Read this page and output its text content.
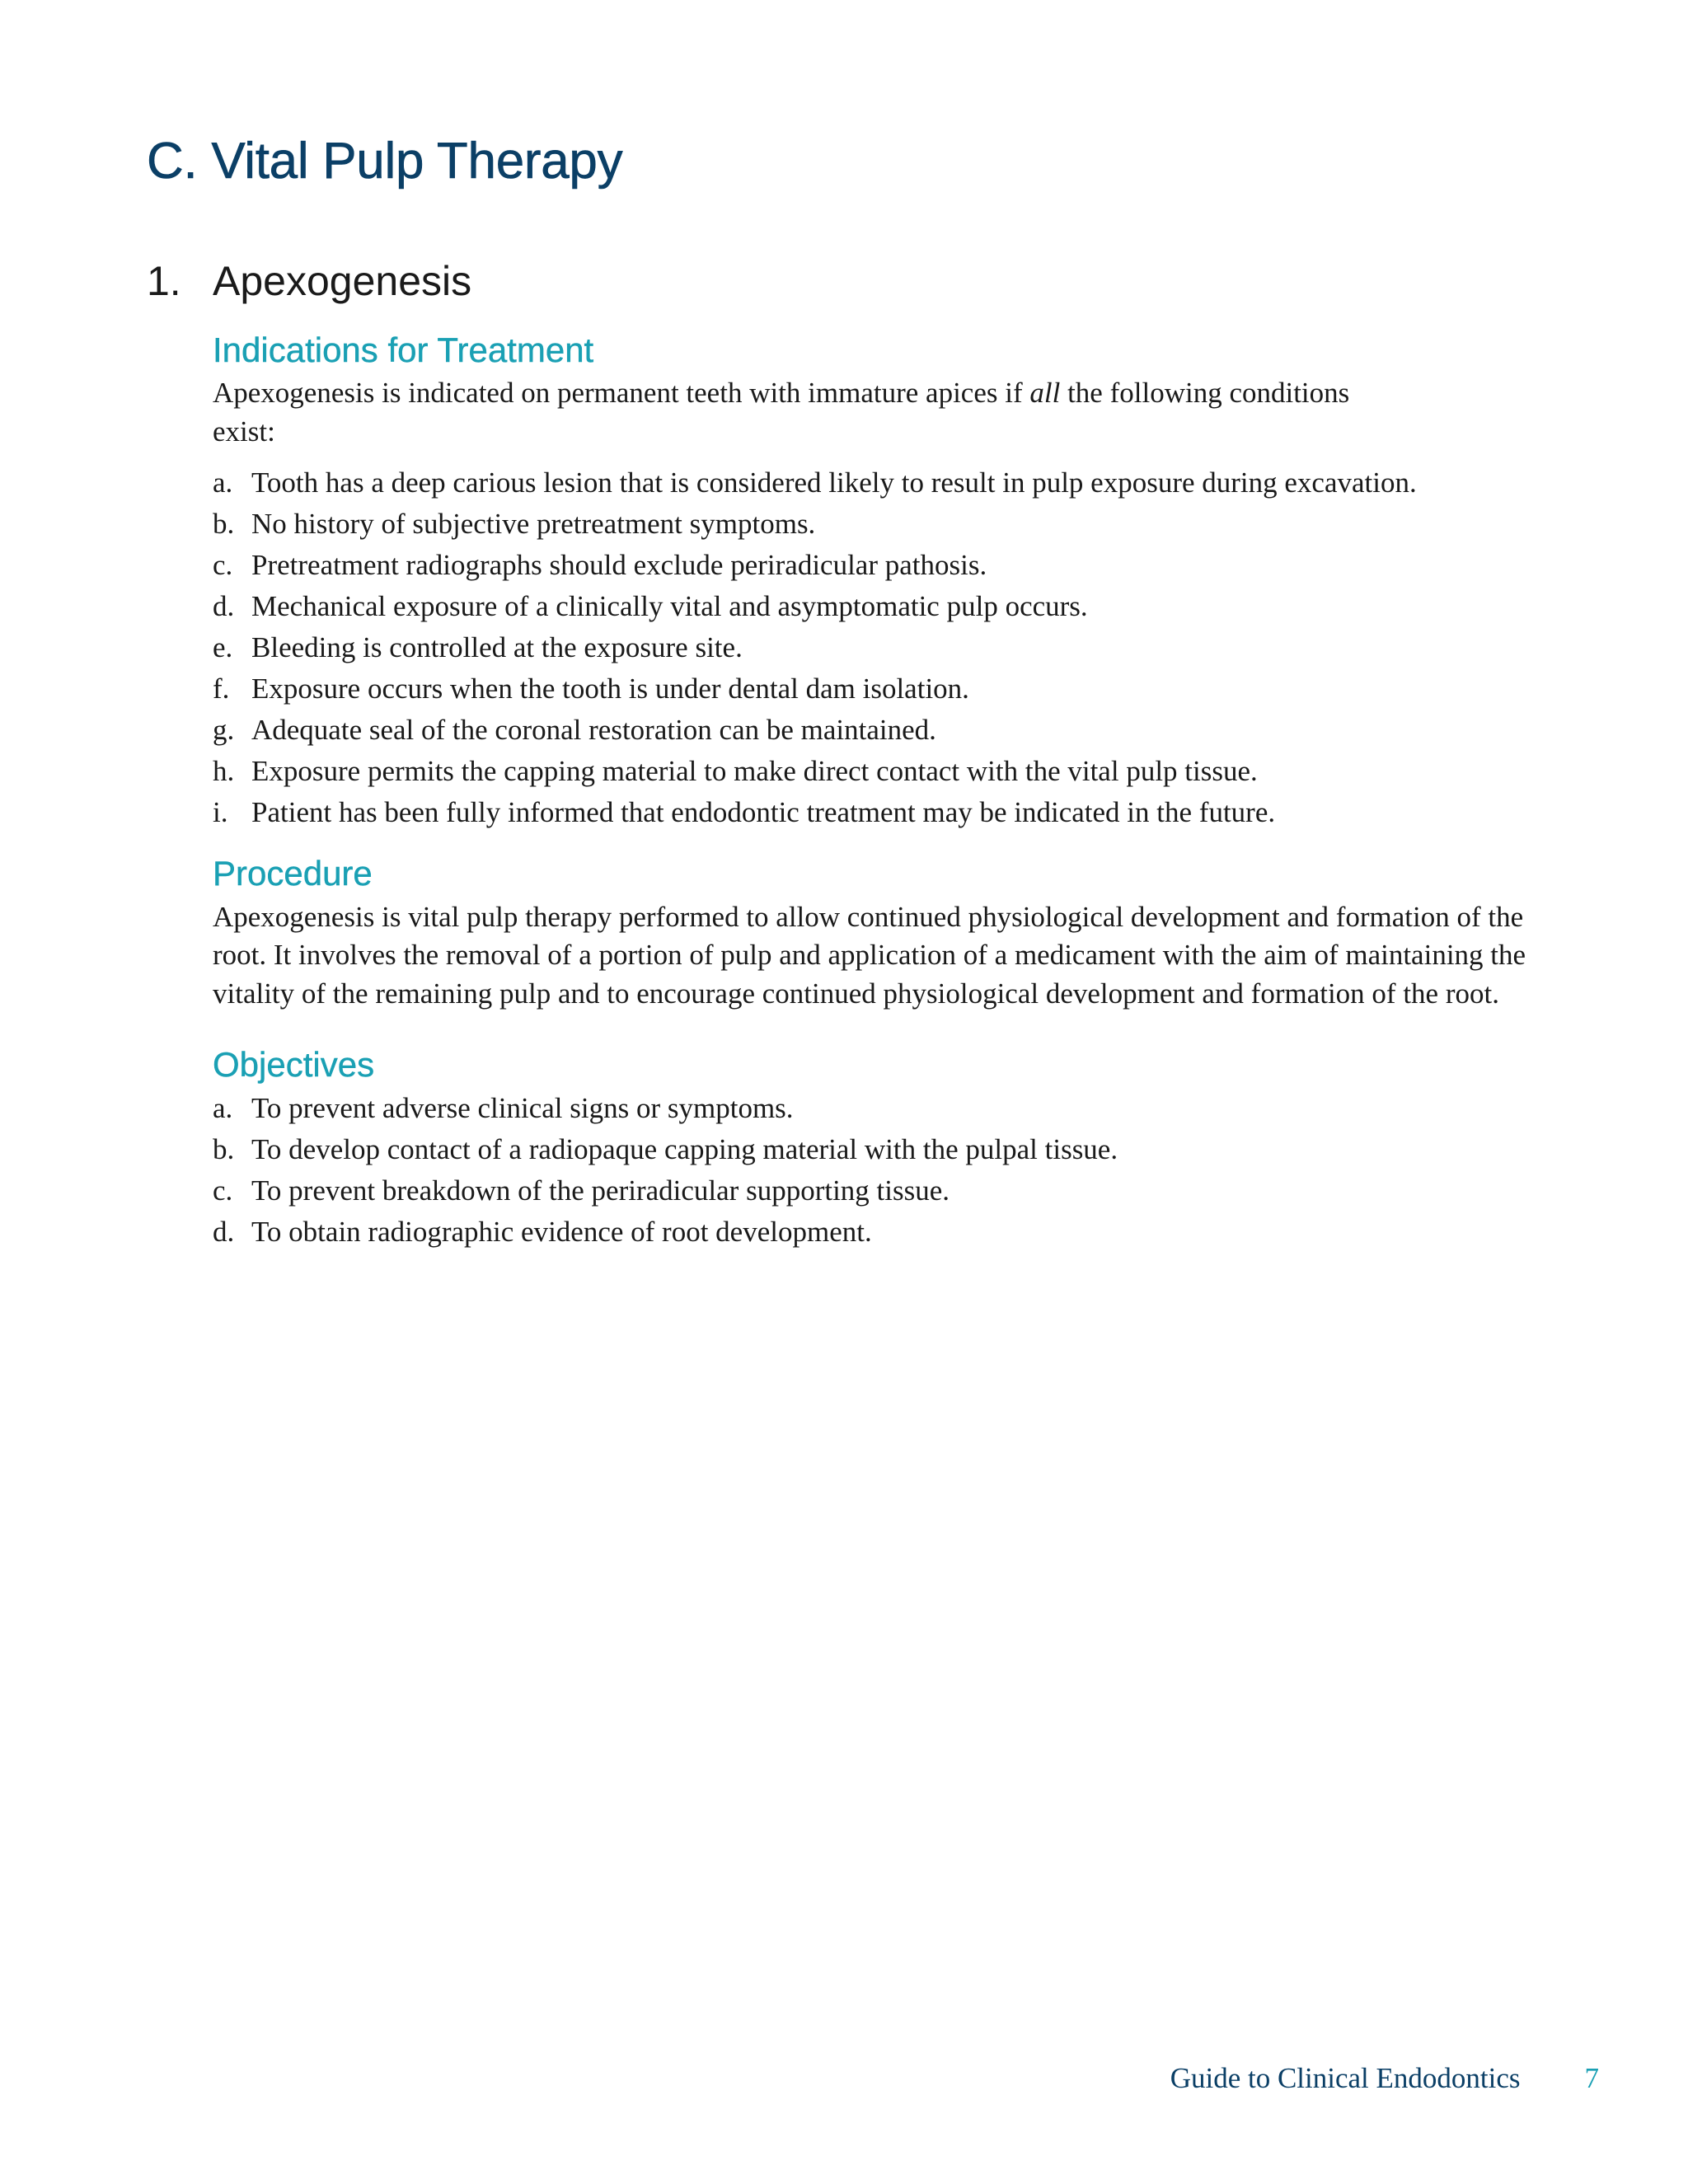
C. Vital Pulp Therapy
1. Apexogenesis
Indications for Treatment

Apexogenesis is indicated on permanent teeth with immature apices if all the following conditions exist:

a. Tooth has a deep carious lesion that is considered likely to result in pulp exposure during excavation.
b. No history of subjective pretreatment symptoms.
c. Pretreatment radiographs should exclude periradicular pathosis.
d. Mechanical exposure of a clinically vital and asymptomatic pulp occurs.
e. Bleeding is controlled at the exposure site.
f. Exposure occurs when the tooth is under dental dam isolation.
g. Adequate seal of the coronal restoration can be maintained.
h. Exposure permits the capping material to make direct contact with the vital pulp tissue.
i. Patient has been fully informed that endodontic treatment may be indicated in the future.
Procedure

Apexogenesis is vital pulp therapy performed to allow continued physiological development and formation of the root. It involves the removal of a portion of pulp and application of a medicament with the aim of maintaining the vitality of the remaining pulp and to encourage continued physiological development and formation of the root.

Objectives
a. To prevent adverse clinical signs or symptoms.
b. To develop contact of a radiopaque capping material with the pulpal tissue.
c. To prevent breakdown of the periradicular supporting tissue.
d. To obtain radiographic evidence of root development.
Guide to Clinical Endodontics 7
